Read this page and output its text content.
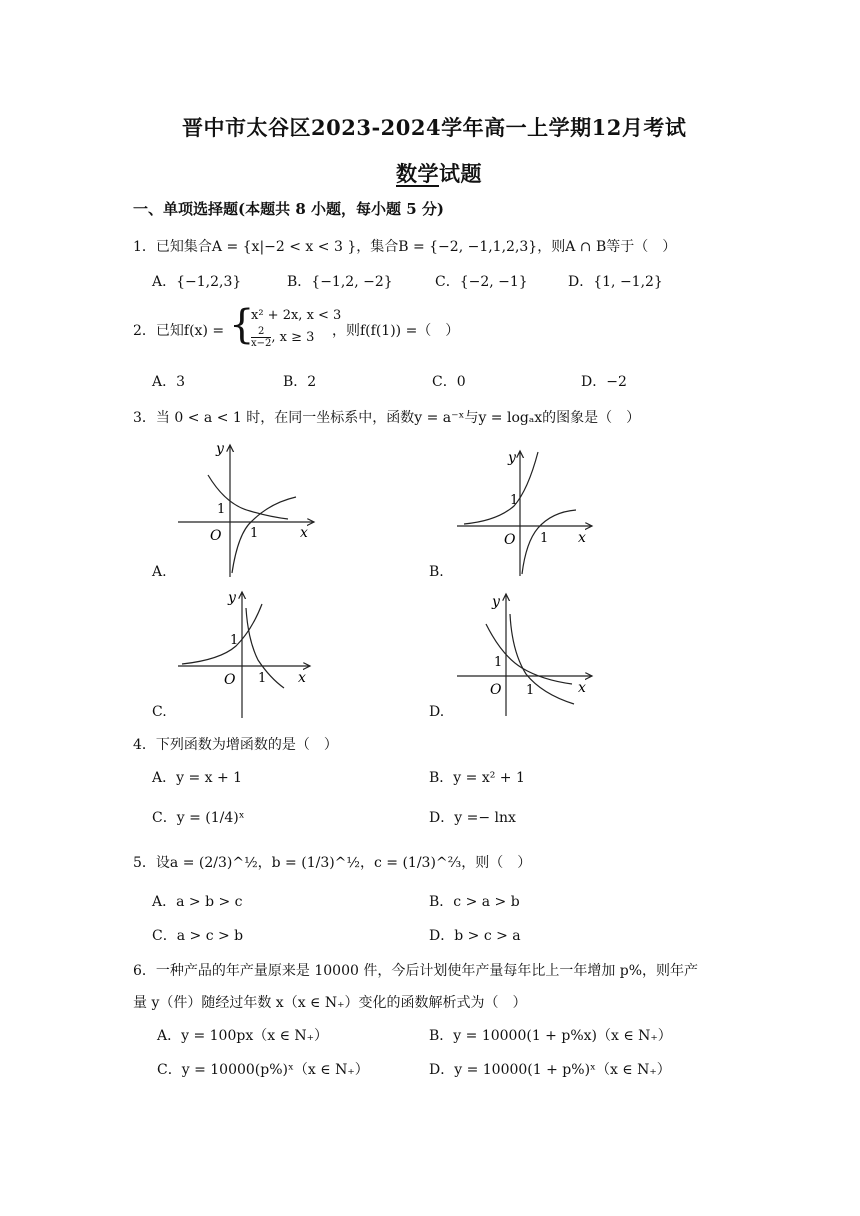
晋中市太谷区2023-2024学年高一上学期12月考试
数学试题
一、单项选择题(本题共 8 小题，每小题 5 分)
1．已知集合A = {x|−2 < x < 3 }，集合B = {−2, −1,1,2,3}，则A ∩ B等于（　）
A．{−1,2,3}	B．{−1,2, −2}	C．{−2, −1}	D．{1, −1,2}
2．已知f(x) = {
x² + 2x, x < 3
$\frac{2}{x-2}$ , x ≥ 3 ，则f(f(1)) =（　）
A．3	B．2	C．0	D．−2
3．当 0 < a < 1 时，在同一坐标系中，函数y = a⁻ˣ与y = logₐx的图象是（　）
y
x
O 1
1
A.
y
x
O 1
1
B.
y
x
O 1
1
C.
y
x
O 1
1
D.
4．下列函数为增函数的是（　）
A．y = x + 1	B．y = x² + 1
C．y = (1/4)ˣ	D．y =− lnx
5．设a = (2/3)^½，b = (1/3)^½，c = (1/3)^⅔，则（　）
A．a > b > c	B．c > a > b
C．a > c > b	D．b > c > a
6．一种产品的年产量原来是 10000 件，今后计划使年产量每年比上一年增加 p%，则年产
量 y（件）随经过年数 x（x ∈ N₊）变化的函数解析式为（　）
A．y = 100px（x ∈ N₊）	B．y = 10000(1 + p%x)（x ∈ N₊）
C．y = 10000(p%)ˣ（x ∈ N₊）	D．y = 10000(1 + p%)ˣ（x ∈ N₊）
